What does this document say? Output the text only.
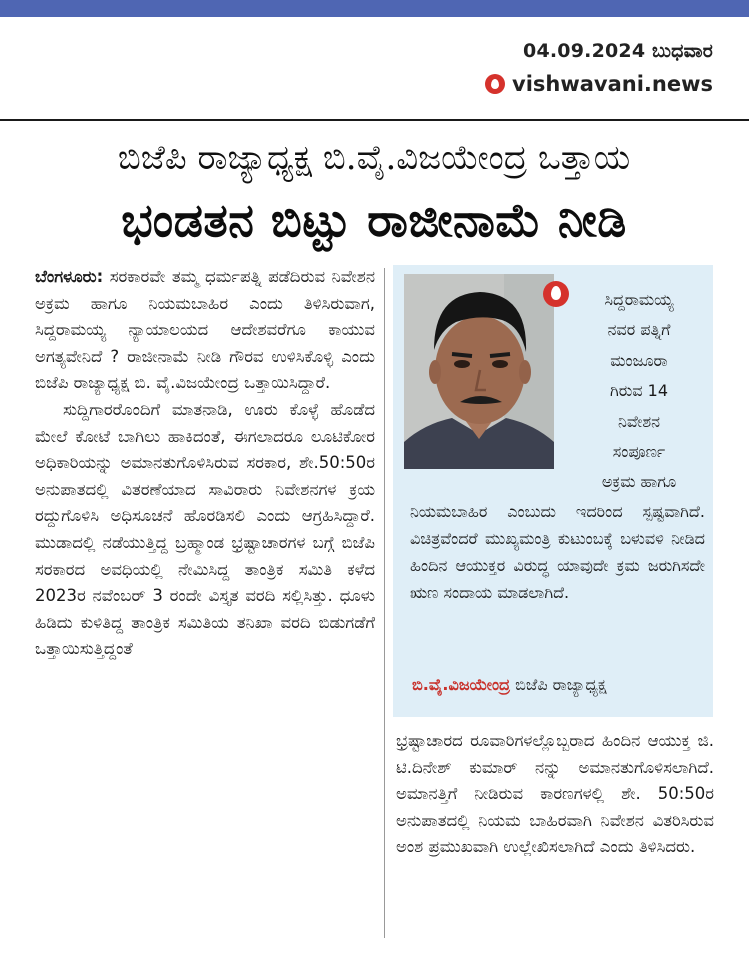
04.09.2024 ಬುಧವಾರ
vishwavani.news
ಬಿಜೆಪಿ ರಾಜ್ಯಾಧ್ಯಕ್ಷ ಬಿ.ವೈ.ವಿಜಯೇಂದ್ರ ಒತ್ತಾಯ
ಭಂಡತನ ಬಿಟ್ಟು ರಾಜೀನಾಮೆ ನೀಡಿ

ಬೆಂಗಳೂರು: ಸರಕಾರವೇ ತಮ್ಮ ಧರ್ಮಪತ್ನಿ ಪಡೆದಿರುವ ನಿವೇಶನ ಅಕ್ರಮ ಹಾಗೂ ನಿಯಮಬಾಹಿರ ಎಂದು ತಿಳಿಸಿರುವಾಗ, ಸಿದ್ದರಾಮಯ್ಯ ನ್ಯಾಯಾಲಯದ ಆದೇಶವರೆಗೂ ಕಾಯುವ ಅಗತ್ಯವೇನಿದೆ ? ರಾಜೀನಾಮೆ ನೀಡಿ ಗೌರವ ಉಳಿಸಿಕೊಳ್ಳಿ ಎಂದು ಬಿಜೆಪಿ ರಾಜ್ಯಾಧ್ಯಕ್ಷ ಬಿ. ವೈ.ವಿಜಯೇಂದ್ರ ಒತ್ತಾಯಿಸಿದ್ದಾರೆ.

ಸುದ್ದಿಗಾರರೊಂದಿಗೆ ಮಾತನಾಡಿ, ಊರು ಕೊಳ್ಳೆ ಹೊಡೆದ ಮೇಲೆ ಕೋಟೆ ಬಾಗಿಲು ಹಾಕಿದಂತೆ, ಈಗಲಾದರೂ ಲೂಟಿಕೋರ ಅಧಿಕಾರಿಯನ್ನು ಅಮಾನತುಗೊಳಿಸಿರುವ ಸರಕಾರ, ಶೇ.50:50ರ ಅನುಪಾತದಲ್ಲಿ ವಿತರಣೆಯಾದ ಸಾವಿರಾರು ನಿವೇಶನಗಳ ಕ್ರಯ ರದ್ದುಗೊಳಿಸಿ ಅಧಿಸೂಚನೆ ಹೊರಡಿಸಲಿ ಎಂದು ಆಗ್ರಹಿಸಿದ್ದಾರೆ. ಮುಡಾದಲ್ಲಿ ನಡೆಯುತ್ತಿದ್ದ ಬ್ರಹ್ಮಾಂಡ ಭ್ರಷ್ಟಾಚಾರಗಳ ಬಗ್ಗೆ ಬಿಜೆಪಿ ಸರಕಾರದ ಅವಧಿಯಲ್ಲಿ ನೇಮಿಸಿದ್ದ ತಾಂತ್ರಿಕ ಸಮಿತಿ ಕಳೆದ 2023ರ ನವೆಂಬರ್ 3 ರಂದೇ ವಿಸ್ತೃತ ವರದಿ ಸಲ್ಲಿಸಿತ್ತು. ಧೂಳು ಹಿಡಿದು ಕುಳಿತಿದ್ದ ತಾಂತ್ರಿಕ ಸಮಿತಿಯ ತನಿಖಾ ವರದಿ ಬಿಡುಗಡೆಗೆ ಒತ್ತಾಯಿಸುತ್ತಿದ್ದಂತೆ

ಸಿದ್ದರಾಮಯ್ಯ
ನವರ ಪತ್ನಿಗೆ
ಮಂಜೂರಾ
ಗಿರುವ 14
ನಿವೇಶನ
ಸಂಪೂರ್ಣ
ಅಕ್ರಮ ಹಾಗೂ
ನಿಯಮಬಾಹಿರ ಎಂಬುದು ಇದರಿಂದ ಸ್ಪಷ್ಟವಾಗಿದೆ. ವಿಚಿತ್ರವೆಂದರೆ ಮುಖ್ಯಮಂತ್ರಿ ಕುಟುಂಬಕ್ಕೆ ಬಳುವಳಿ ನೀಡಿದ ಹಿಂದಿನ ಆಯುಕ್ತರ ವಿರುದ್ಧ ಯಾವುದೇ ಕ್ರಮ ಜರುಗಿಸದೇ ಋಣ ಸಂದಾಯ ಮಾಡಲಾಗಿದೆ.
ಬಿ.ವೈ.ವಿಜಯೇಂದ್ರ ಬಿಜೆಪಿ ರಾಜ್ಯಾಧ್ಯಕ್ಷ
ಭ್ರಷ್ಟಾಚಾರದ ರೂವಾರಿಗಳಲ್ಲೊಬ್ಬರಾದ ಹಿಂದಿನ ಆಯುಕ್ತ ಜಿ. ಟಿ.ದಿನೇಶ್ ಕುಮಾರ್ ನನ್ನು ಅಮಾನತುಗೊಳಿಸಲಾಗಿದೆ. ಅಮಾನತ್ತಿಗೆ ನೀಡಿರುವ ಕಾರಣಗಳಲ್ಲಿ ಶೇ. 50:50ರ ಅನುಪಾತದಲ್ಲಿ ನಿಯಮ ಬಾಹಿರವಾಗಿ ನಿವೇಶನ ವಿತರಿಸಿರುವ ಅಂಶ ಪ್ರಮುಖವಾಗಿ ಉಲ್ಲೇಖಿಸಲಾಗಿದೆ ಎಂದು ತಿಳಿಸಿದರು.
